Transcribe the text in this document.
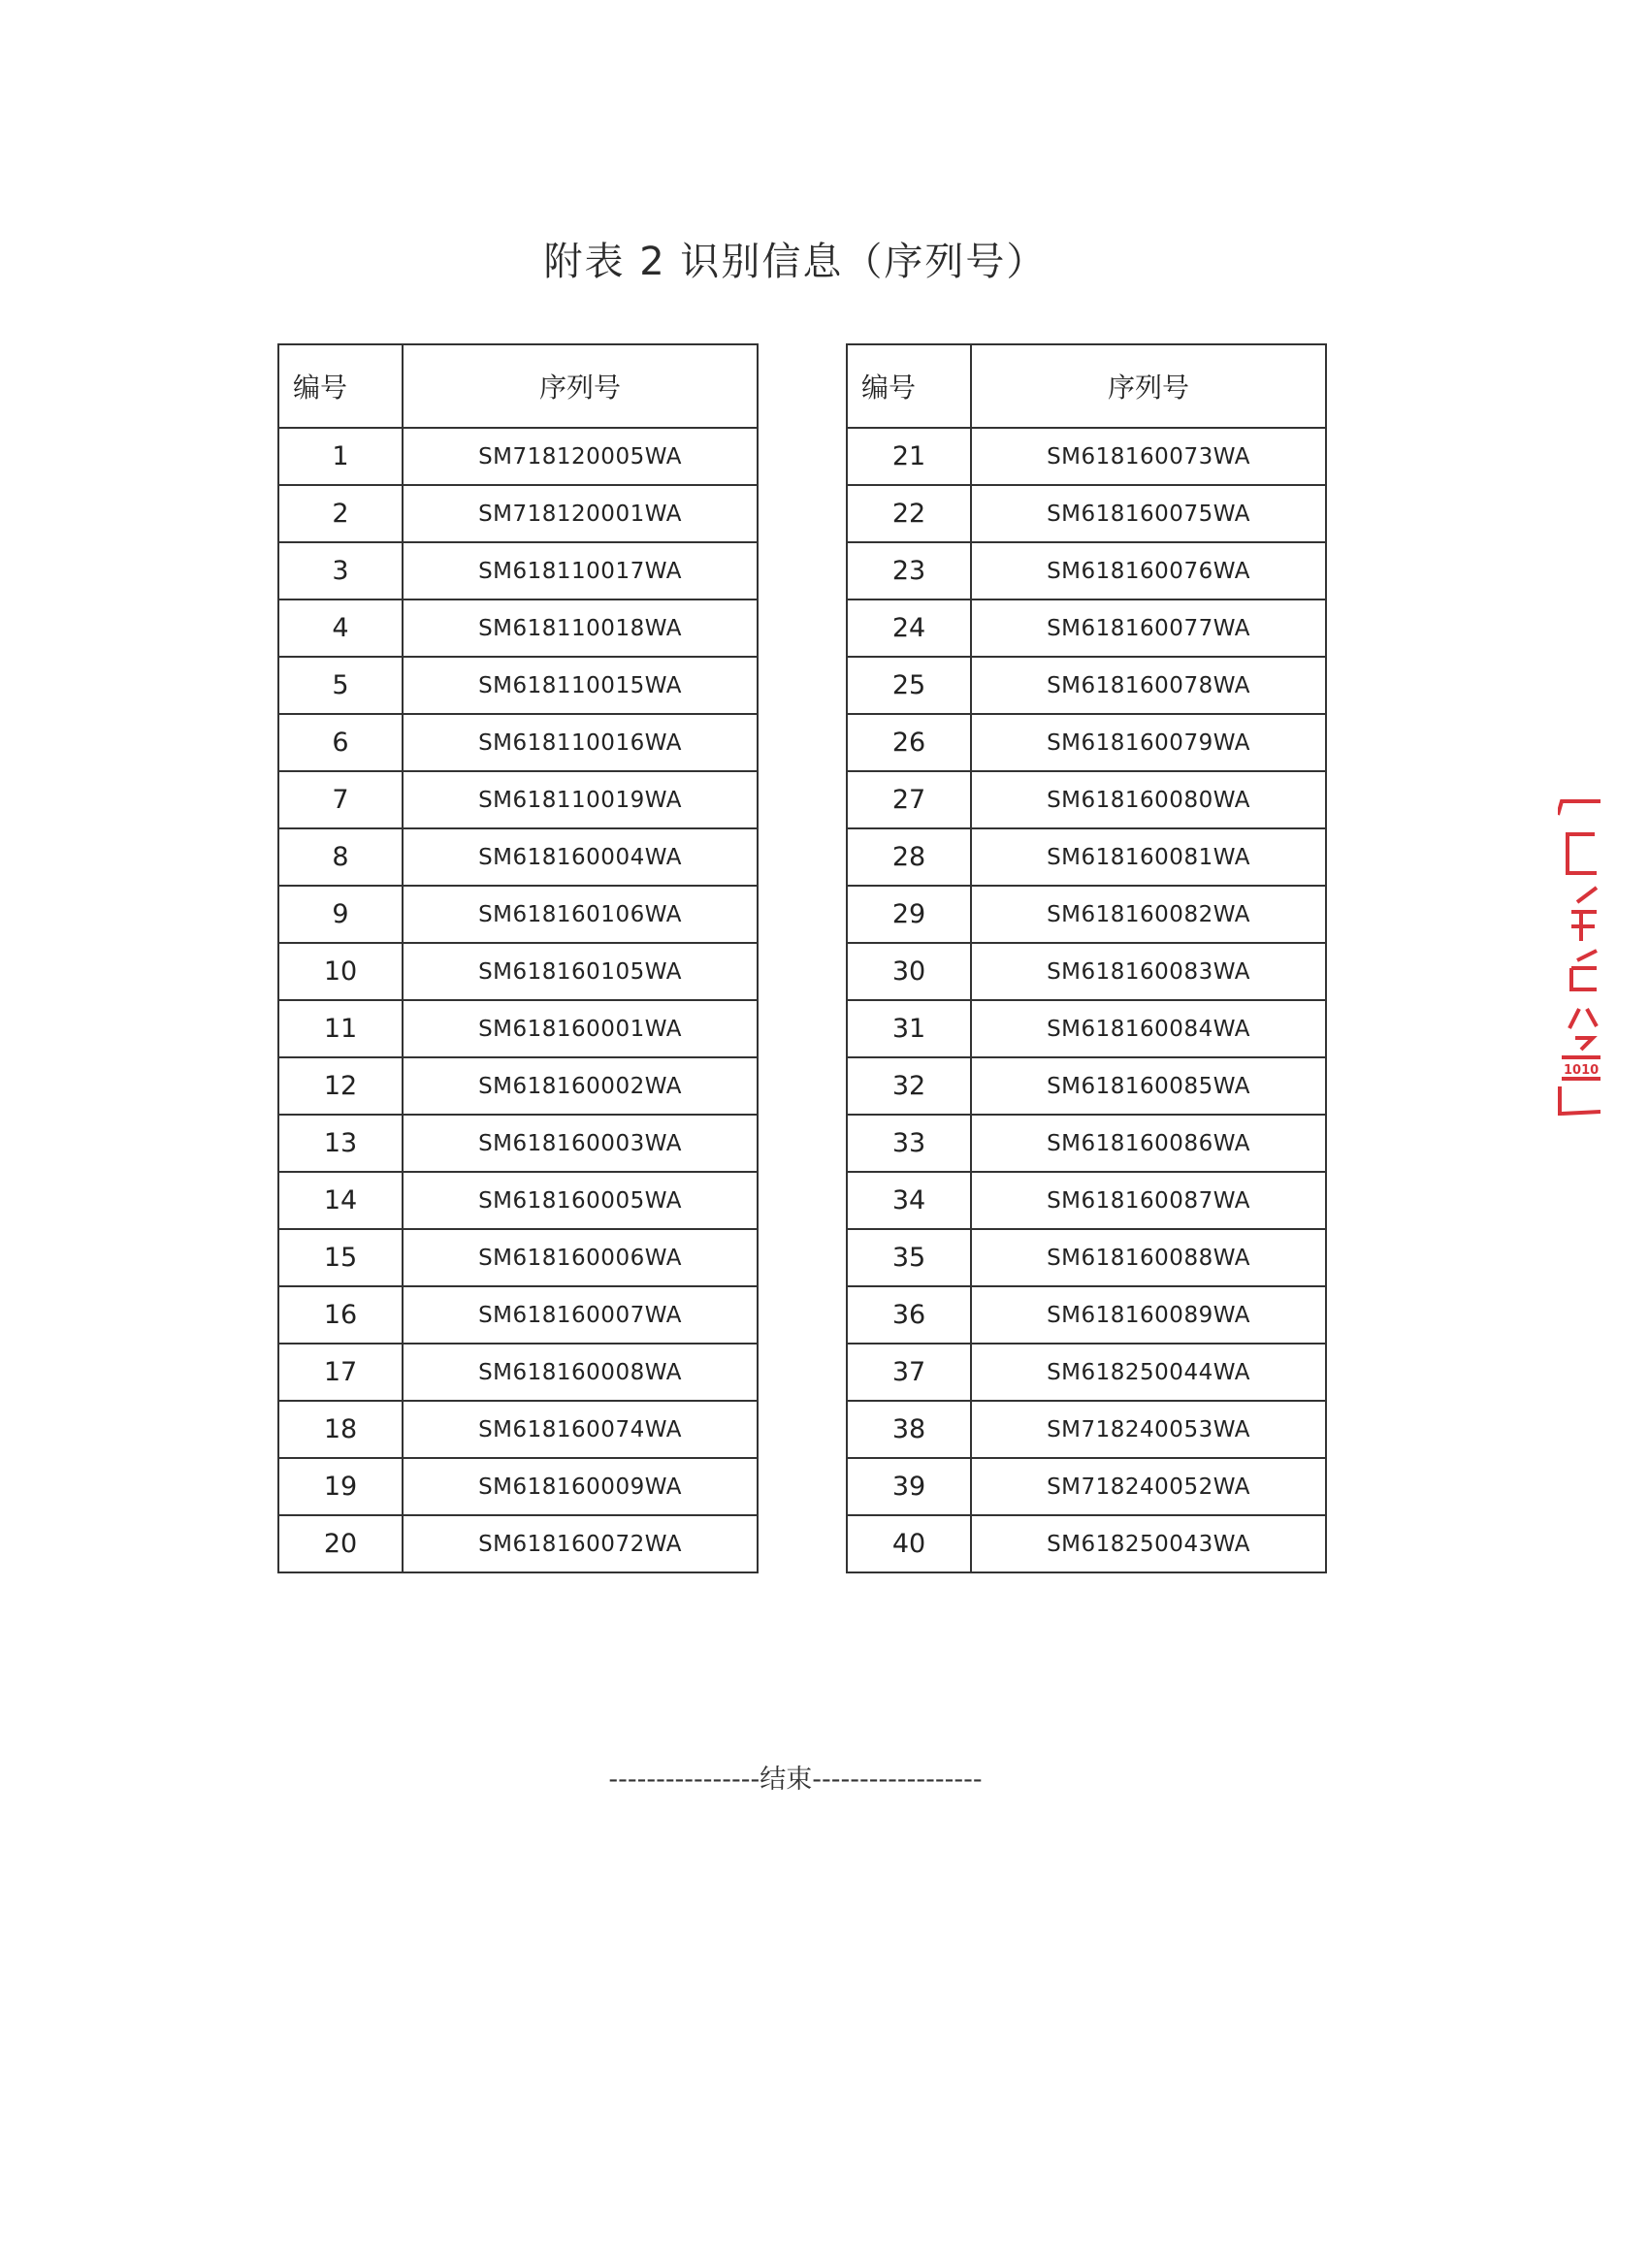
附表 2 识别信息（序列号）
编号	序列号
1	SM718120005WA
2	SM718120001WA
3	SM618110017WA
4	SM618110018WA
5	SM618110015WA
6	SM618110016WA
7	SM618110019WA
8	SM618160004WA
9	SM618160106WA
10	SM618160105WA
11	SM618160001WA
12	SM618160002WA
13	SM618160003WA
14	SM618160005WA
15	SM618160006WA
16	SM618160007WA
17	SM618160008WA
18	SM618160074WA
19	SM618160009WA
20	SM618160072WA
编号	序列号
21	SM618160073WA
22	SM618160075WA
23	SM618160076WA
24	SM618160077WA
25	SM618160078WA
26	SM618160079WA
27	SM618160080WA
28	SM618160081WA
29	SM618160082WA
30	SM618160083WA
31	SM618160084WA
32	SM618160085WA
33	SM618160086WA
34	SM618160087WA
35	SM618160088WA
36	SM618160089WA
37	SM618250044WA
38	SM718240053WA
39	SM718240052WA
40	SM618250043WA
----------------结束------------------
1010
